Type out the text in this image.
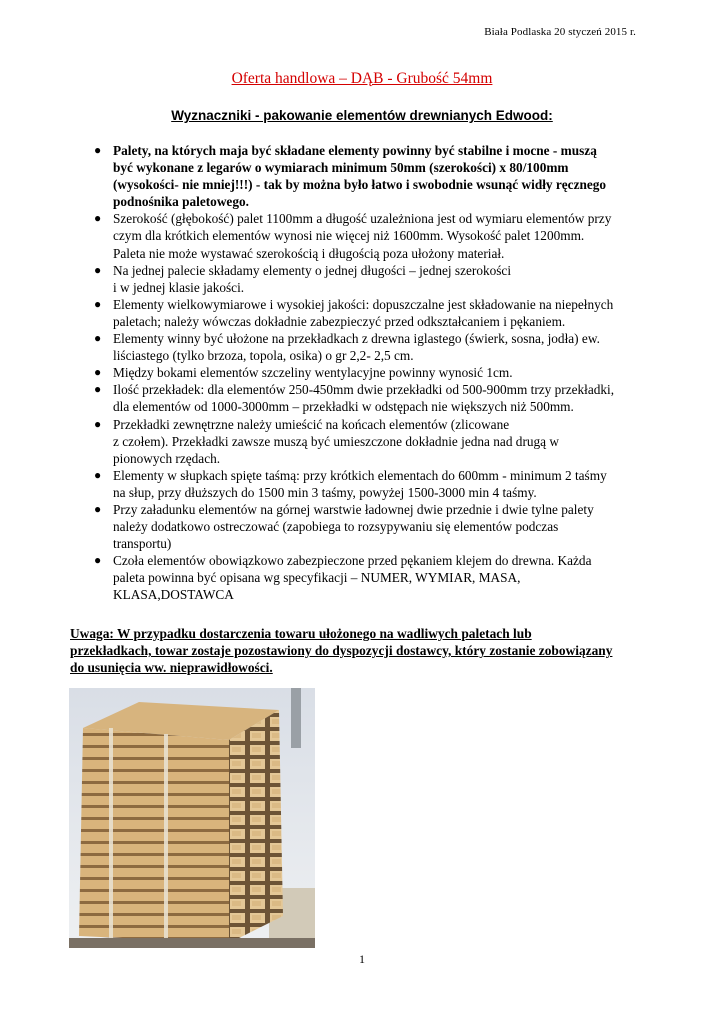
Biała Podlaska 20 styczeń 2015 r.
Oferta handlowa – DĄB - Grubość 54mm
Wyznaczniki - pakowanie elementów drewnianych Edwood:
● Palety, na których maja być składane elementy powinny być stabilne i mocne - muszą
być wykonane z legarów o wymiarach minimum 50mm (szerokości) x 80/100mm
(wysokości- nie mniej!!!) - tak by można było łatwo i swobodnie wsunąć widły ręcznego
podnośnika paletowego.
● Szerokość (głębokość) palet 1100mm a długość uzależniona jest od wymiaru elementów przy
czym dla krótkich elementów wynosi nie więcej niż 1600mm. Wysokość palet 1200mm.
Paleta nie może wystawać szerokością i długością poza ułożony materiał.
● Na jednej palecie składamy elementy o jednej długości – jednej szerokości
i w jednej klasie jakości.
● Elementy wielkowymiarowe i wysokiej jakości: dopuszczalne jest składowanie na niepełnych
paletach; należy wówczas dokładnie zabezpieczyć przed odkształcaniem i pękaniem.
● Elementy winny być ułożone na przekładkach z drewna iglastego (świerk, sosna, jodła) ew.
liściastego (tylko brzoza, topola, osika) o gr 2,2- 2,5 cm.
● Między bokami elementów szczeliny wentylacyjne powinny wynosić 1cm.
● Ilość przekładek: dla elementów 250-450mm dwie przekładki od 500-900mm trzy przekładki,
dla elementów od 1000-3000mm – przekładki w odstępach nie większych niż 500mm.
● Przekładki zewnętrzne należy umieścić na końcach elementów (zlicowane
z czołem). Przekładki zawsze muszą być umieszczone dokładnie jedna nad drugą w
pionowych rzędach.
● Elementy w słupkach spięte taśmą: przy krótkich elementach do 600mm - minimum 2 taśmy
na słup, przy dłuższych do 1500 min 3 taśmy, powyżej 1500-3000 min 4 taśmy.
● Przy załadunku elementów na górnej warstwie ładownej dwie przednie i dwie tylne palety
należy dodatkowo ostreczować (zapobiega to rozsypywaniu się elementów podczas
transportu)
● Czoła elementów obowiązkowo zabezpieczone przed pękaniem klejem do drewna. Każda
paleta powinna być opisana wg specyfikacji – NUMER, WYMIAR, MASA,
KLASA,DOSTAWCA
Uwaga: W przypadku dostarczenia towaru ułożonego na wadliwych paletach lub
przekładkach, towar zostaje pozostawiony do dyspozycji dostawcy, który zostanie zobowiązany
do usunięcia ww. nieprawidłowości.
1
